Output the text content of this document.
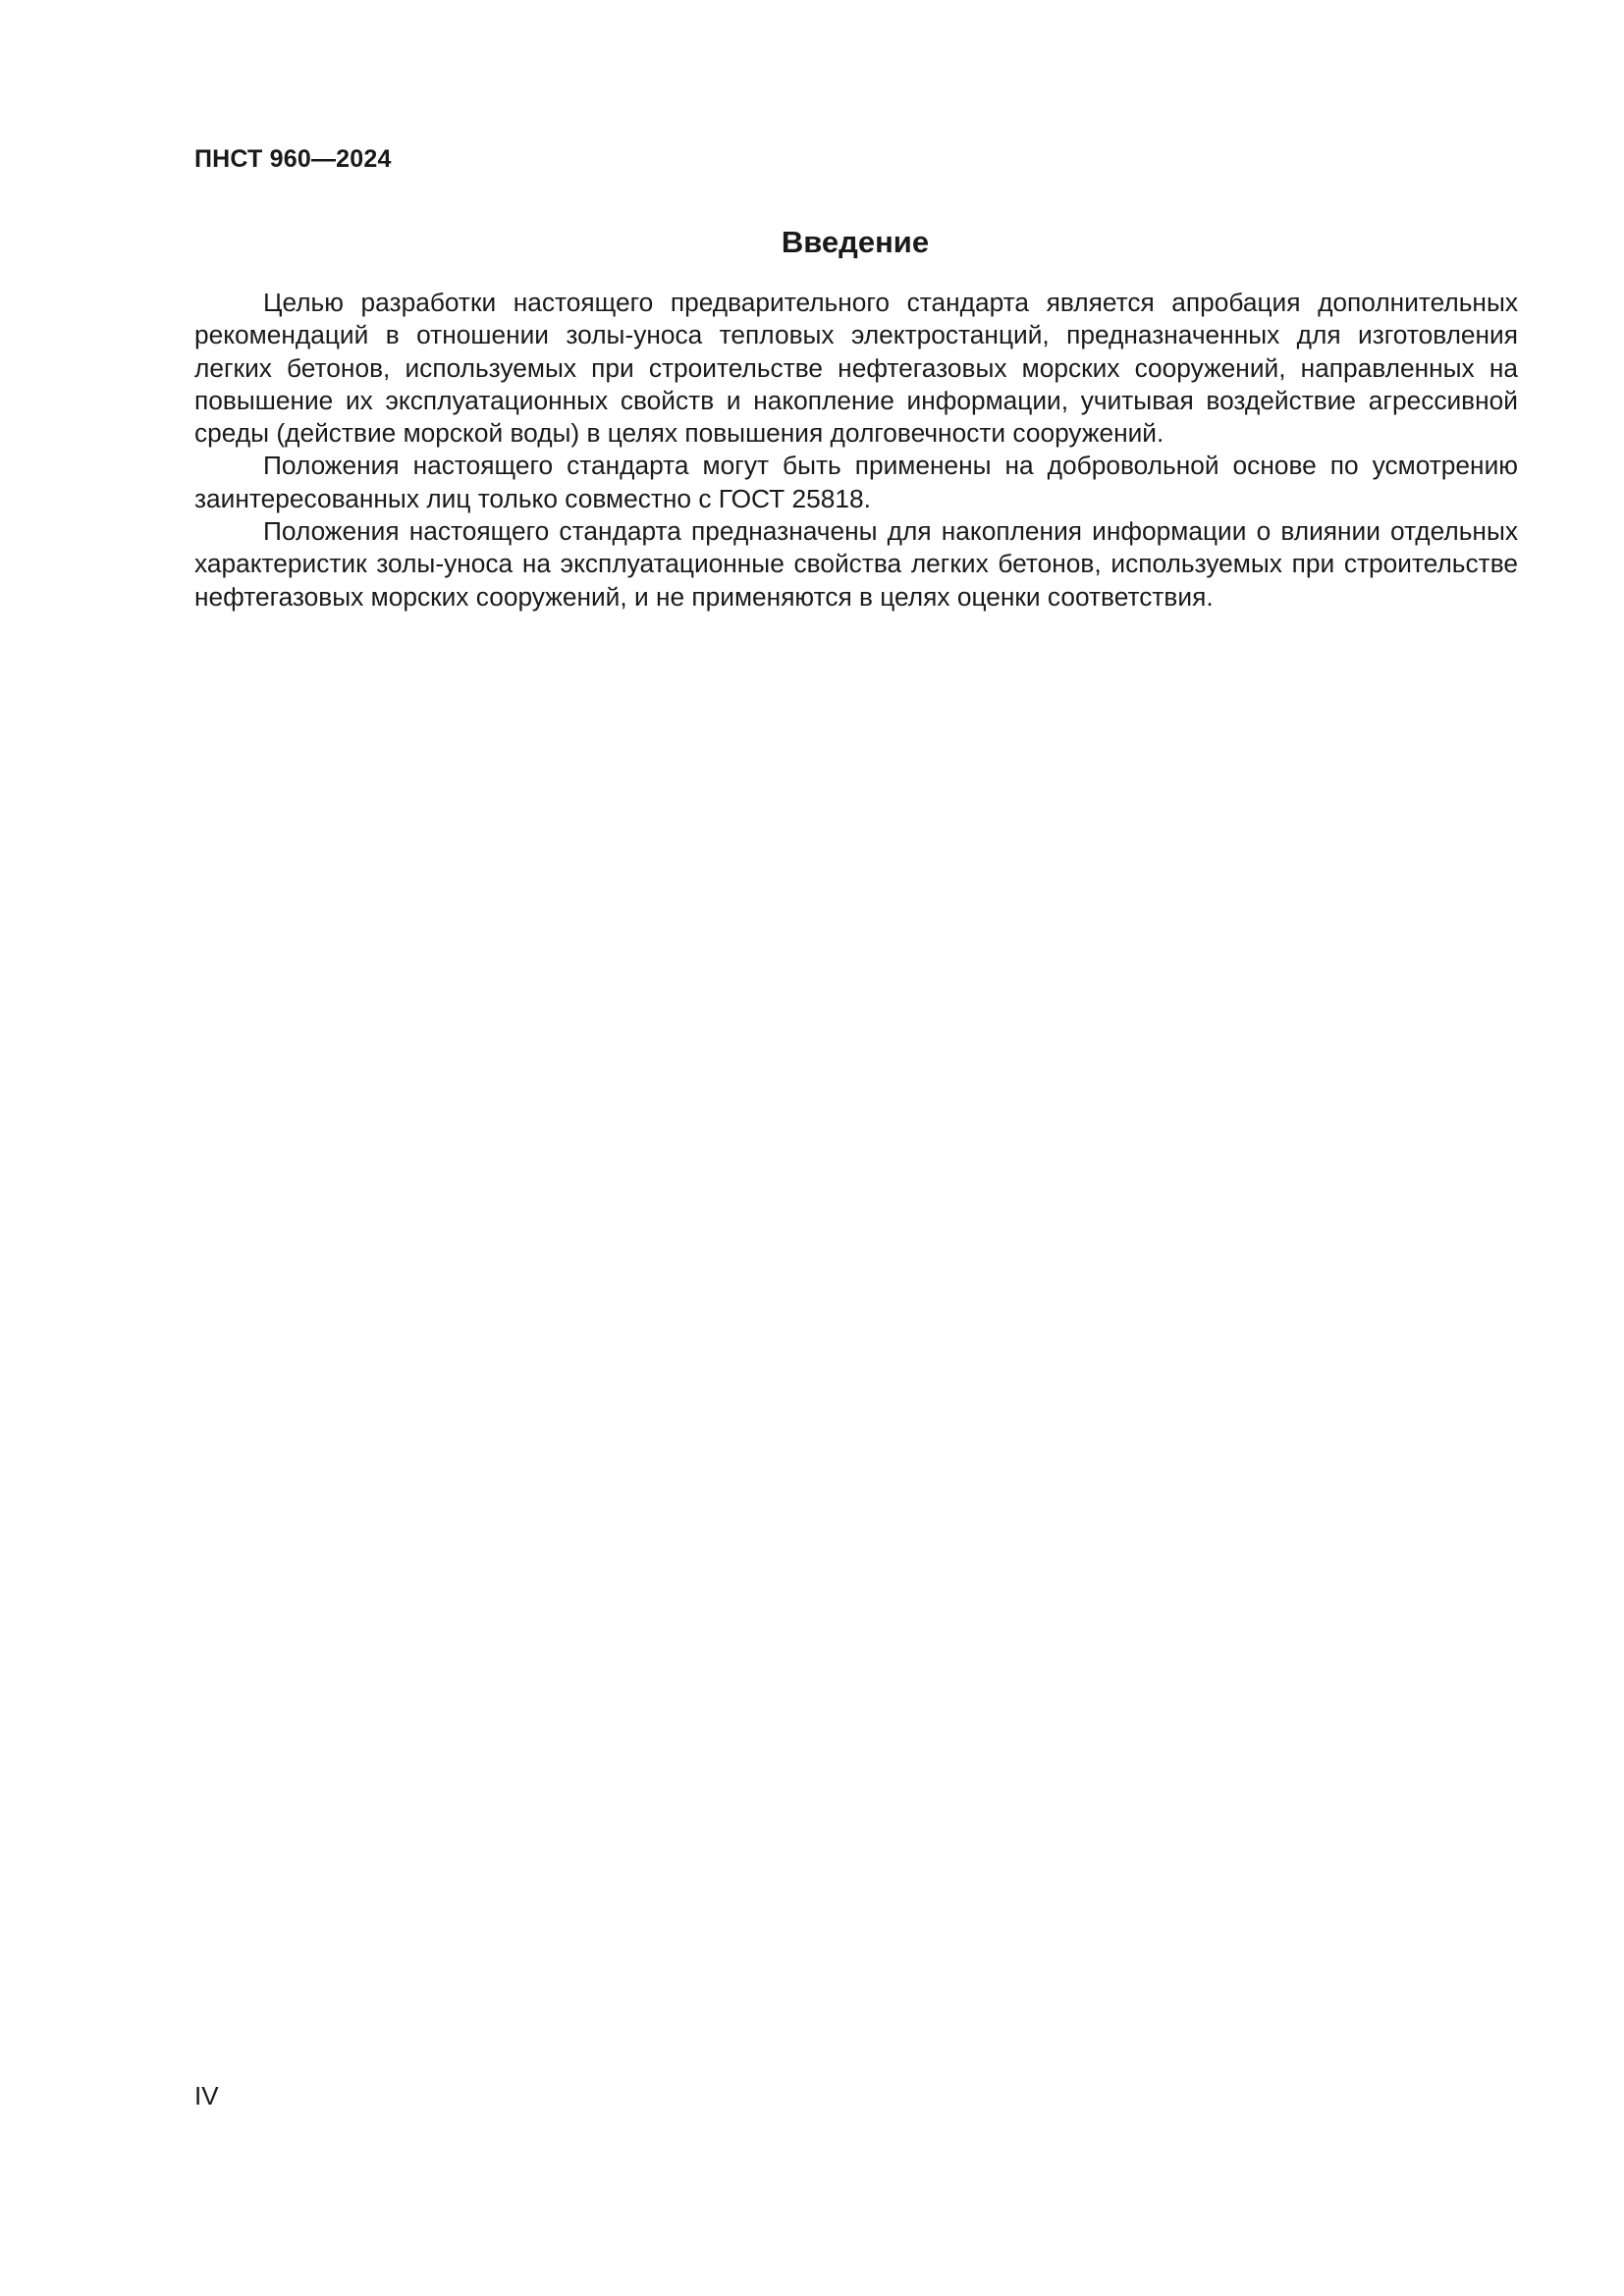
ПНСТ 960—2024
Введение

Целью разработки настоящего предварительного стандарта является апробация дополнительных рекомендаций в отношении золы-уноса тепловых электростанций, предназначенных для изготовления легких бетонов, используемых при строительстве нефтегазовых морских сооружений, направленных на повышение их эксплуатационных свойств и накопление информации, учитывая воздействие агрессивной среды (действие морской воды) в целях повышения долговечности сооружений.

Положения настоящего стандарта могут быть применены на добровольной основе по усмотрению заинтересованных лиц только совместно с ГОСТ 25818.

Положения настоящего стандарта предназначены для накопления информации о влиянии отдельных характеристик золы-уноса на эксплуатационные свойства легких бетонов, используемых при строительстве нефтегазовых морских сооружений, и не применяются в целях оценки соответствия.

IV
